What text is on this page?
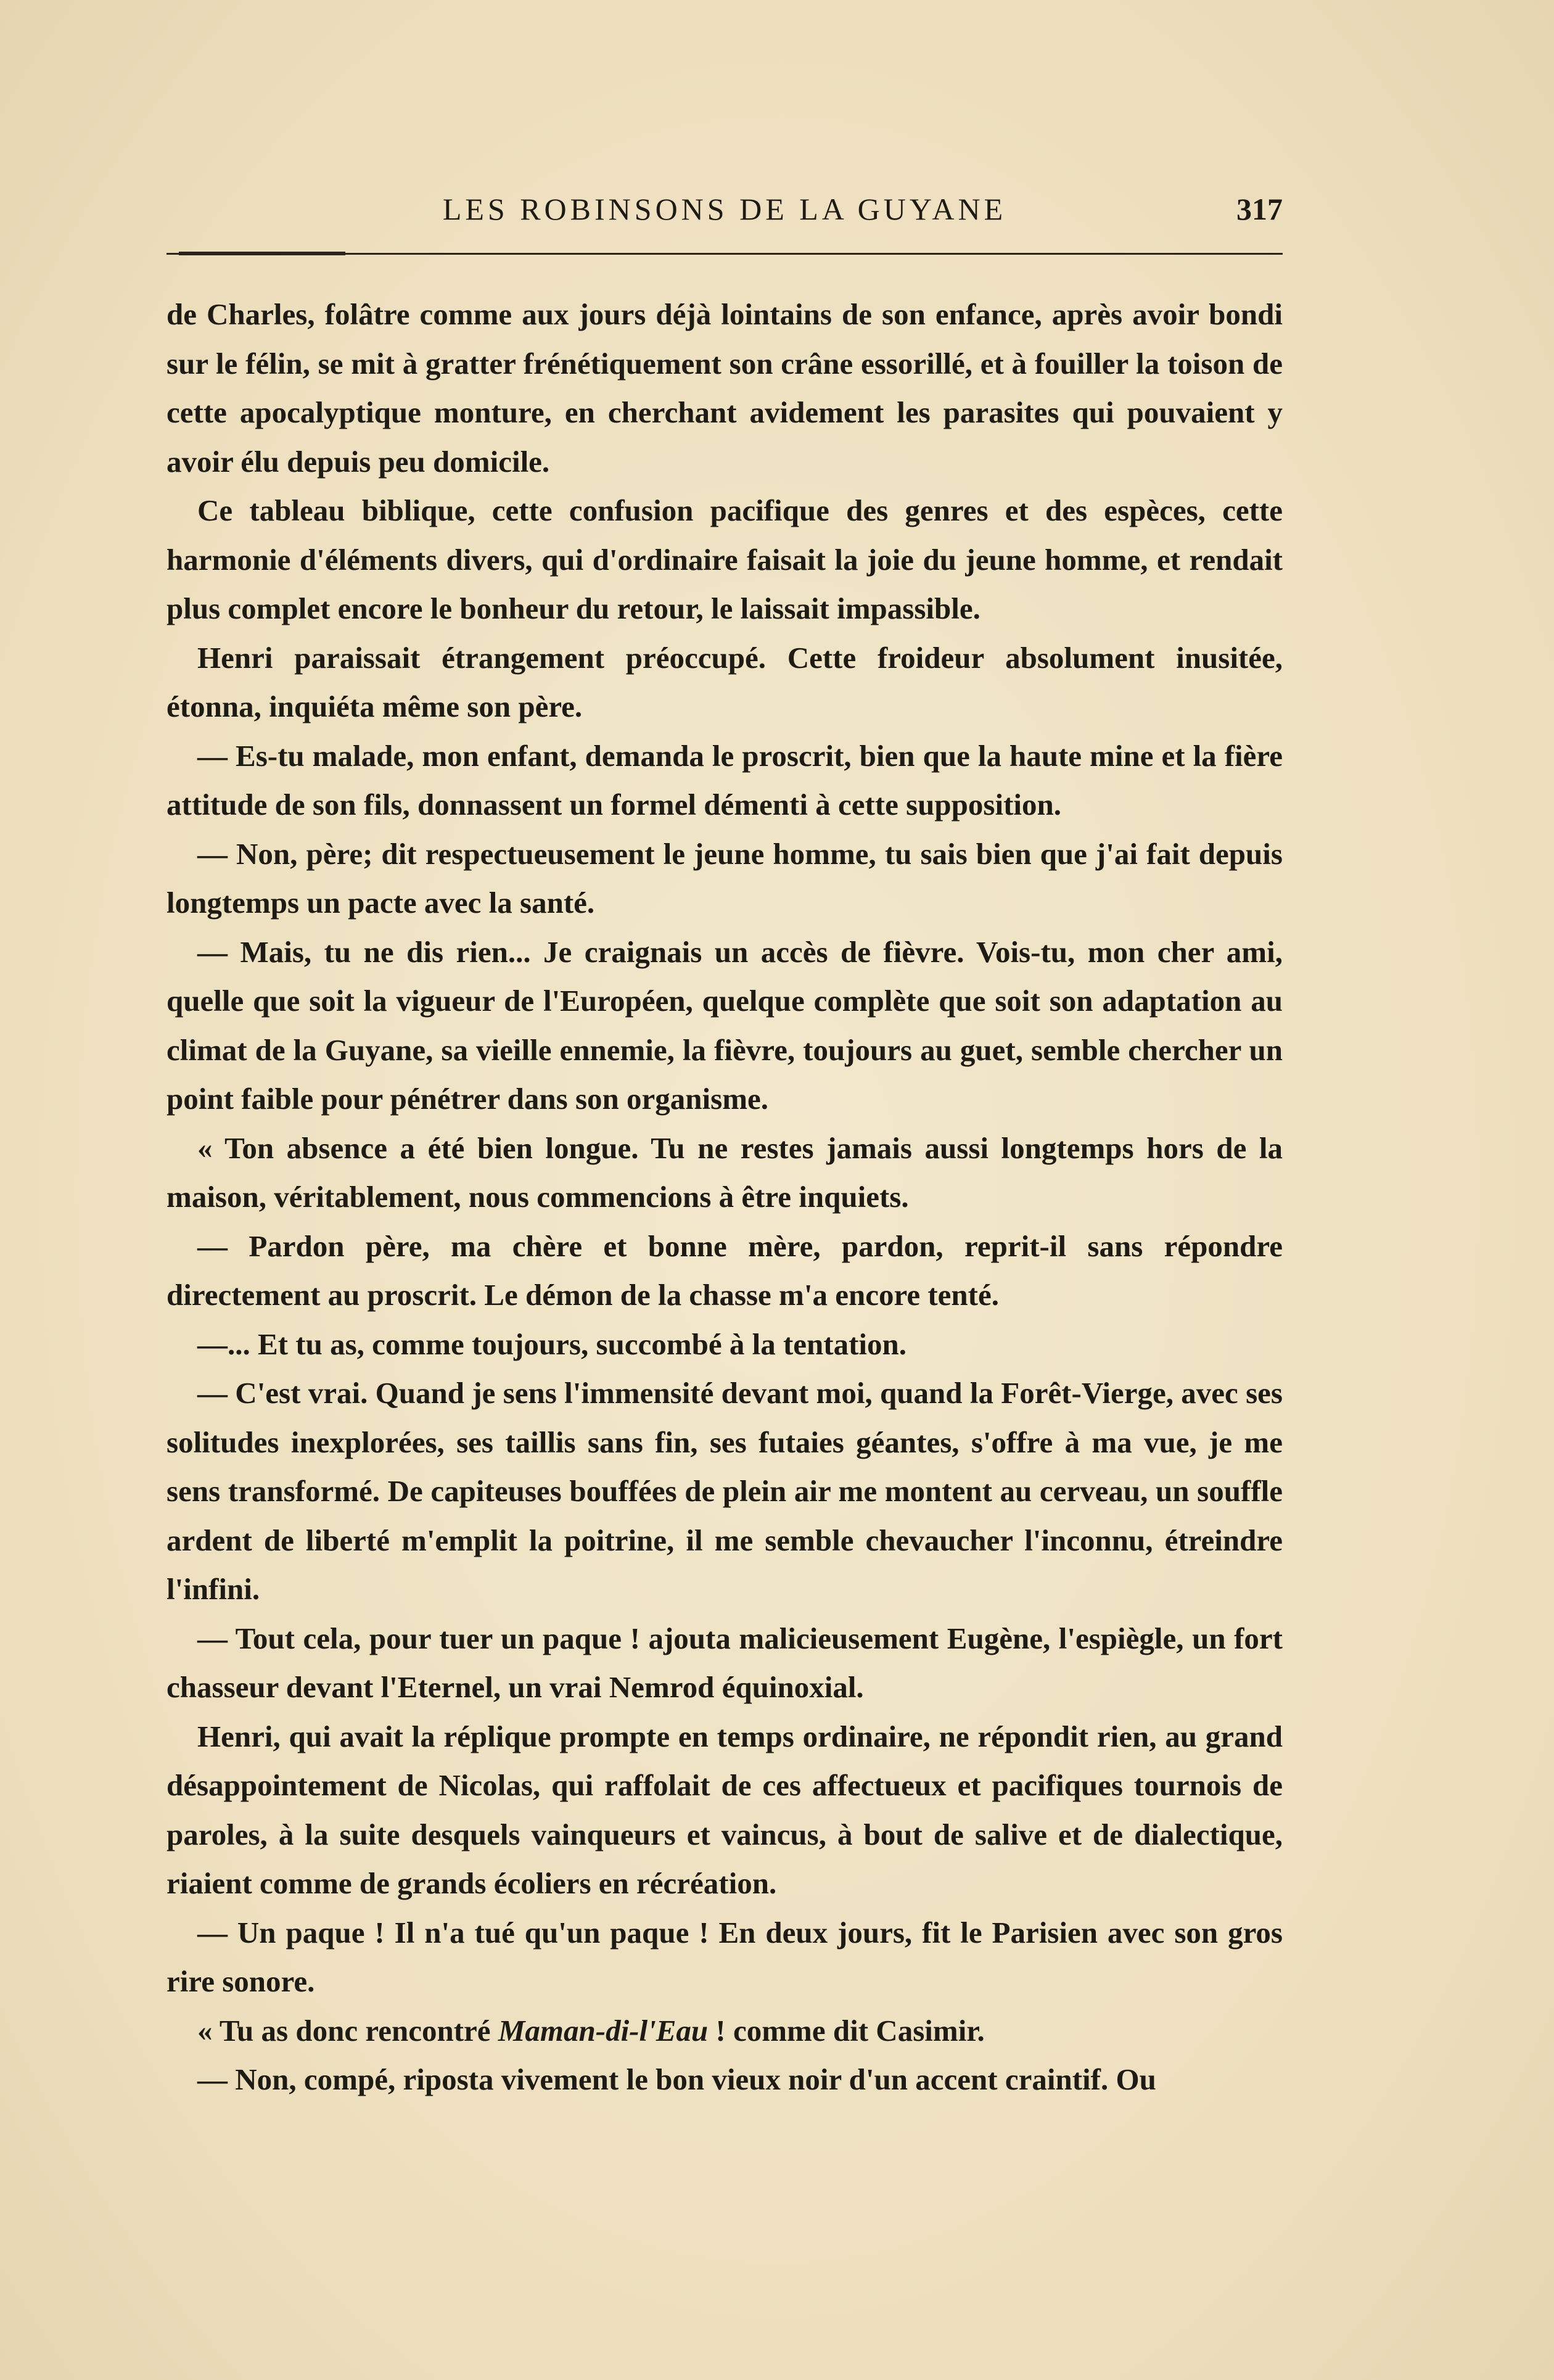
LES ROBINSONS DE LA GUYANE	317

de Charles, folâtre comme aux jours déjà lointains de son enfance, après avoir bondi sur le félin, se mit à gratter frénétiquement son crâne essorillé, et à fouiller la toison de cette apocalyptique monture, en cherchant avidement les parasites qui pouvaient y avoir élu depuis peu domicile.

Ce tableau biblique, cette confusion pacifique des genres et des espèces, cette harmonie d'éléments divers, qui d'ordinaire faisait la joie du jeune homme, et rendait plus complet encore le bonheur du retour, le laissait impassible.

Henri paraissait étrangement préoccupé. Cette froideur absolument inusitée, étonna, inquiéta même son père.

— Es-tu malade, mon enfant, demanda le proscrit, bien que la haute mine et la fière attitude de son fils, donnassent un formel démenti à cette supposition.

— Non, père; dit respectueusement le jeune homme, tu sais bien que j'ai fait depuis longtemps un pacte avec la santé.

— Mais, tu ne dis rien... Je craignais un accès de fièvre. Vois-tu, mon cher ami, quelle que soit la vigueur de l'Européen, quelque complète que soit son adaptation au climat de la Guyane, sa vieille ennemie, la fièvre, toujours au guet, semble chercher un point faible pour pénétrer dans son organisme.

« Ton absence a été bien longue. Tu ne restes jamais aussi longtemps hors de la maison, véritablement, nous commencions à être inquiets.

— Pardon père, ma chère et bonne mère, pardon, reprit-il sans répondre directement au proscrit. Le démon de la chasse m'a encore tenté.

—... Et tu as, comme toujours, succombé à la tentation.

— C'est vrai. Quand je sens l'immensité devant moi, quand la Forêt-Vierge, avec ses solitudes inexplorées, ses taillis sans fin, ses futaies géantes, s'offre à ma vue, je me sens transformé. De capiteuses bouffées de plein air me montent au cerveau, un souffle ardent de liberté m'emplit la poitrine, il me semble chevaucher l'inconnu, étreindre l'infini.

— Tout cela, pour tuer un paque ! ajouta malicieusement Eugène, l'espiègle, un fort chasseur devant l'Eternel, un vrai Nemrod équinoxial.

Henri, qui avait la réplique prompte en temps ordinaire, ne répondit rien, au grand désappointement de Nicolas, qui raffolait de ces affectueux et pacifiques tournois de paroles, à la suite desquels vainqueurs et vaincus, à bout de salive et de dialectique, riaient comme de grands écoliers en récréation.

— Un paque ! Il n'a tué qu'un paque ! En deux jours, fit le Parisien avec son gros rire sonore.

« Tu as donc rencontré Maman-di-l'Eau ! comme dit Casimir.

— Non, compé, riposta vivement le bon vieux noir d'un accent craintif. Ou
